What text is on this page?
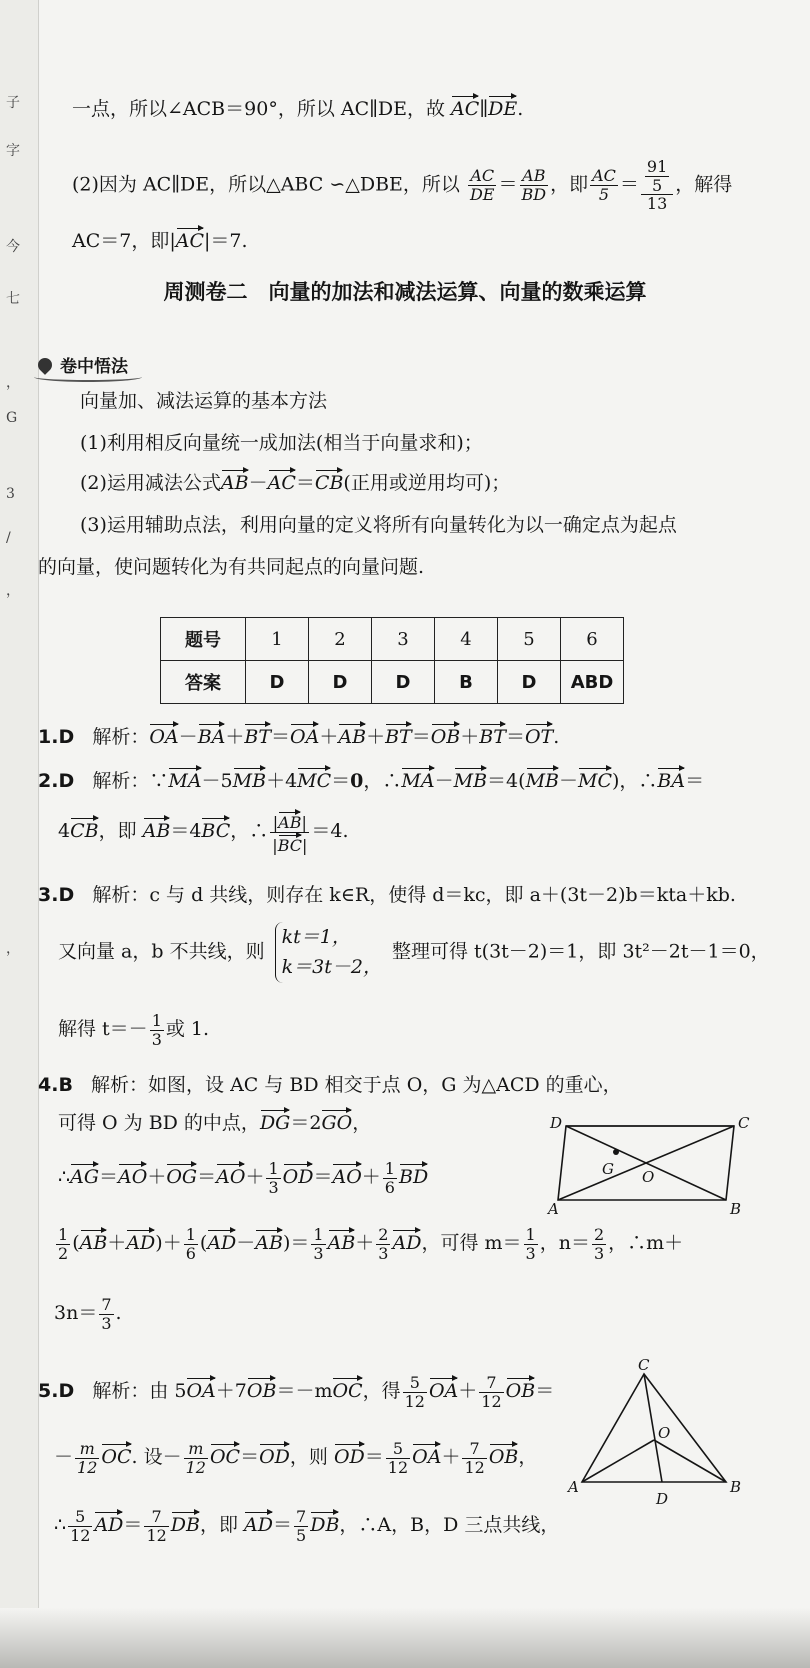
子
字
今
七
，
G
3
/
，
，
一点，所以∠ACB＝90°，所以 AC∥DE，故 AC∥DE.
(2)因为 AC∥DE，所以△ABC ∽△DBE，所以 $\frac{AC}{DE} = \frac{AB}{BD}$ ，即 $\frac{AC}{5} = \frac{\frac{91}{5}}{13}$ ，解得
AC＝7，即|AC|＝7.
周测卷二　向量的加法和减法运算、向量的数乘运算
卷中悟法
向量加、减法运算的基本方法
(1)利用相反向量统一成加法(相当于向量求和)；
(2)运用减法公式AB－AC＝CB(正用或逆用均可)；
(3)运用辅助点法，利用向量的定义将所有向量转化为以一确定点为起点
的向量，使问题转化为有共同起点的向量问题.
题号	1	2	3	4	5	6
答案	D	D	D	B	D	ABD
1.D 解析：OA－BA＋BT＝OA＋AB＋BT＝OB＋BT＝OT.
2.D 解析：∵MA－5MB＋4MC＝0，∴MA－MB＝4(MB－MC)，∴BA＝
4CB，即 AB＝4BC，∴ $\frac{|AB|}{|BC|} =4$.
3.D 解析：c 与 d 共线，则存在 k∈R，使得 d＝kc，即 a＋(3t－2)b＝kta＋kb.
又向量 a，b 不共线，则 kt＝1，
k＝3t－2， 整理可得 t(3t－2)＝1，即 3t²－2t－1＝0，
解得 $t=- \frac{1}{3}$ 或 1.
4.B 解析：如图，设 AC 与 BD 相交于点 O，G 为△ACD 的重心，
可得 O 为 BD 的中点，DG＝2GO，
∴AG＝AO＋OG＝AO＋ $\frac{1}{3} OD=AO+ \frac{1}{6}$ BD
D	C
G O
A	B
$\frac{1}{2} (AB+AD)+ \frac{1}{6} (AD-AB)= \frac{1}{3} AB+ \frac{2}{3}$ AD，可得 $m= \frac{1}{3}$ ，$n= \frac{2}{3}$ ，∴m＋
$3n= \frac{7}{3}$ .
5.D 解析：由 5OA＋7OB＝－mOC，得 $\frac{5}{12} OA+ \frac{7}{12} OB=$
－ $\frac{m}{12}$ OC. 设－ $\frac{m}{12} OC=OD$，则 $OD= \frac{5}{12} OA+ \frac{7}{12}$ OB，
∴ $\frac{5}{12} AD= \frac{7}{12}$ DB，即 $AD= \frac{7}{5}$ DB，∴A，B，D 三点共线，
C
O
A	B
D
